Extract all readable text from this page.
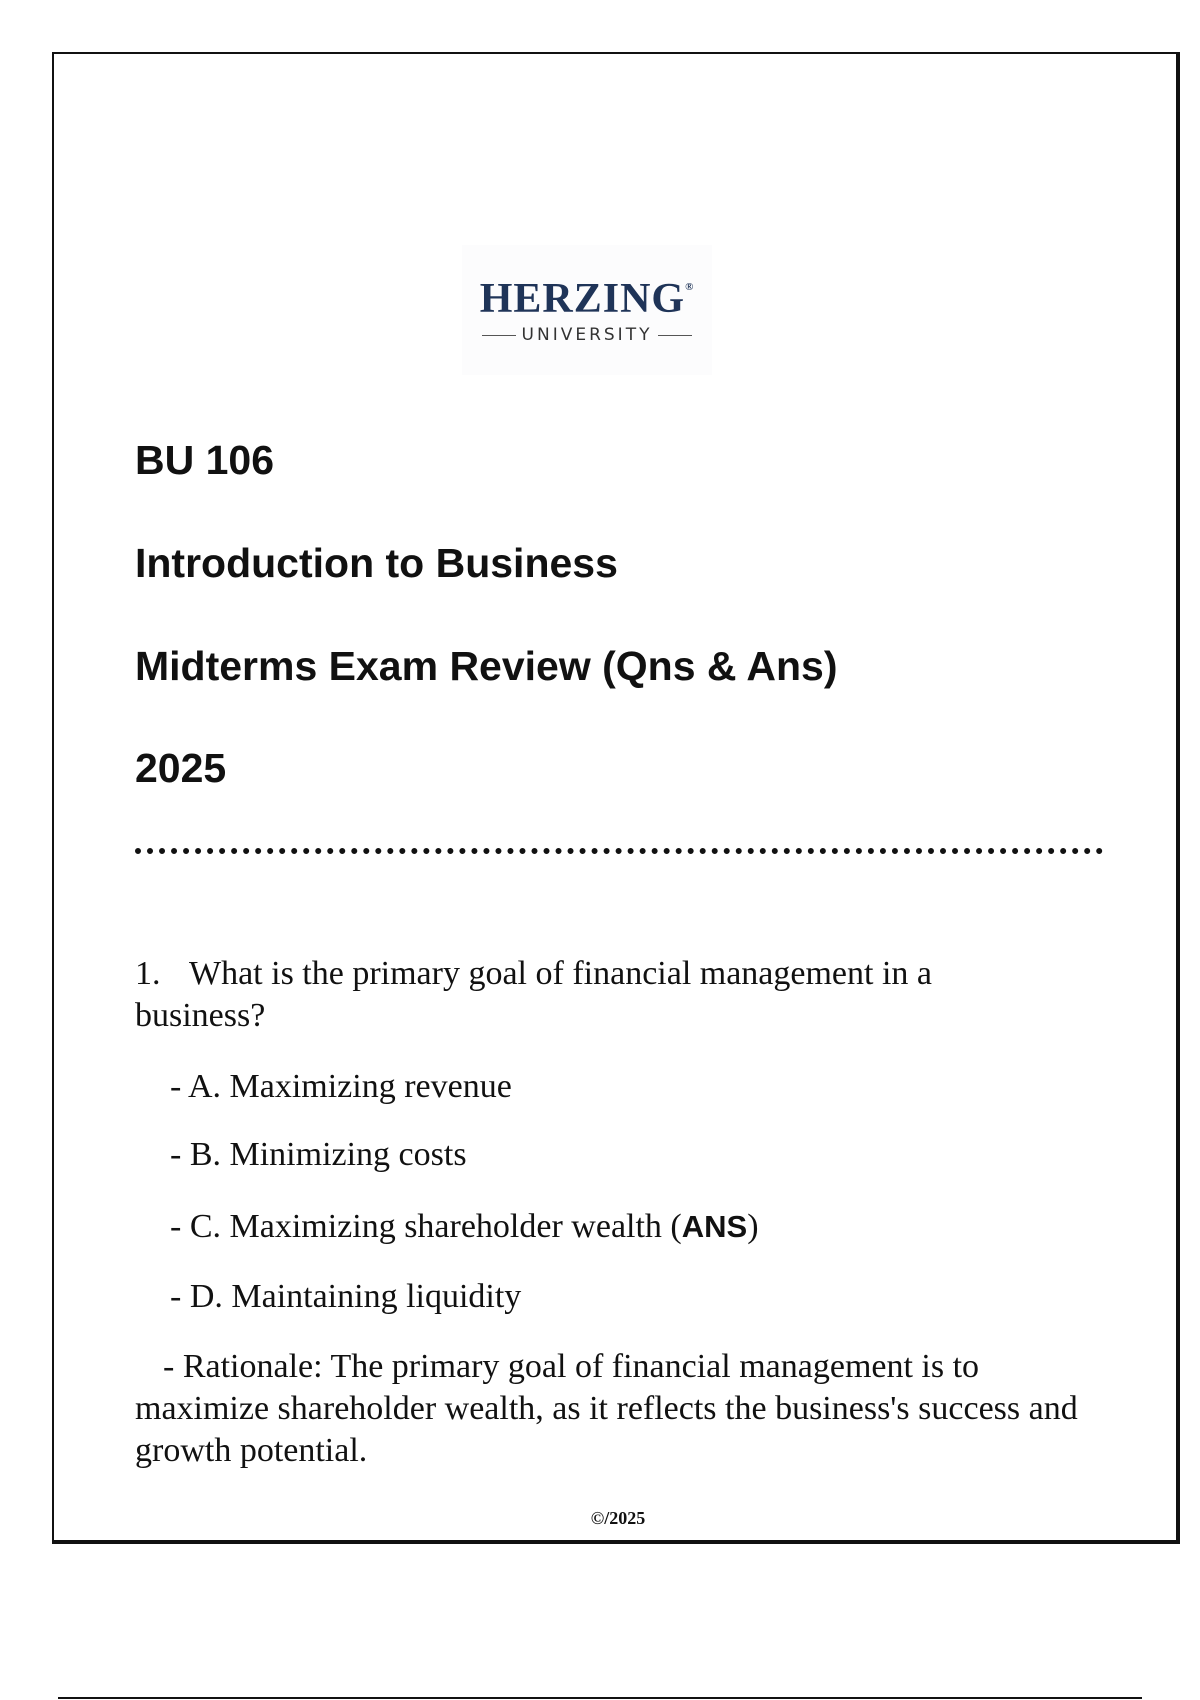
HERZING®
UNIVERSITY
BU 106
Introduction to Business
Midterms Exam Review (Qns & Ans)
2025
1. What is the primary goal of financial management in a business?
- A. Maximizing revenue
- B. Minimizing costs
- C. Maximizing shareholder wealth (ANS)
- D. Maintaining liquidity
- Rationale: The primary goal of financial management is to maximize shareholder wealth, as it reflects the business's success and growth potential.
©/2025
